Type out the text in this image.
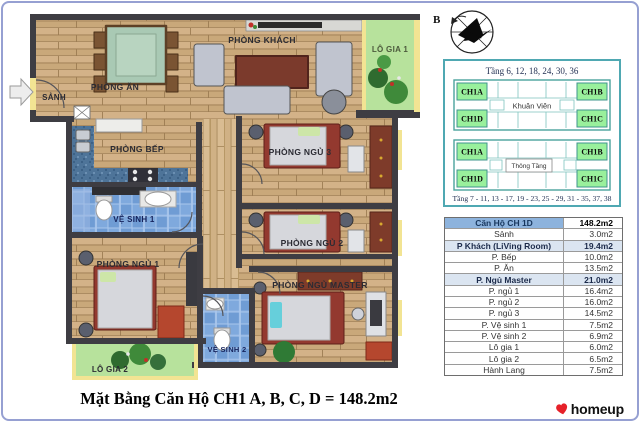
SẢNH
PHÒNG ĂN
PHÒNG KHÁCH
LÔ GIA 1
PHÒNG BẾP
VỆ SINH 1
PHÒNG NGỦ 3
PHÒNG NGỦ 2
PHÒNG NGỦ 1
PHÒNG NGỦ MASTER
VỆ SINH 2
LÔ GIA 2
B
Tầng 6, 12, 18, 24, 30, 36
CH1A	CH1B
CH1D	CH1C
Khuân Viên
CH1A	CH1B
CH1D	CH1C
Thông Tầng
Tầng 7 - 11, 13 - 17, 19 - 23, 25 - 29, 31 - 35, 37, 38
Căn Hộ CH 1D	148.2m2
Sảnh	3.0m2
P Khách (LiVing Room)	19.4m2
P. Bếp	10.0m2
P. Ăn	13.5m2
P. Ngủ Master	21.0m2
P. ngủ 1	16.4m2
P. ngủ 2	16.0m2
P. ngủ 3	14.5m2
P. Vệ sinh 1	7.5m2
P. Vệ sinh 2	6.9m2
Lô gia 1	6.0m2
Lô gia 2	6.5m2
Hành Lang	7.5m2
Mặt Bằng Căn Hộ CH1 A, B, C, D = 148.2m2
homeup
